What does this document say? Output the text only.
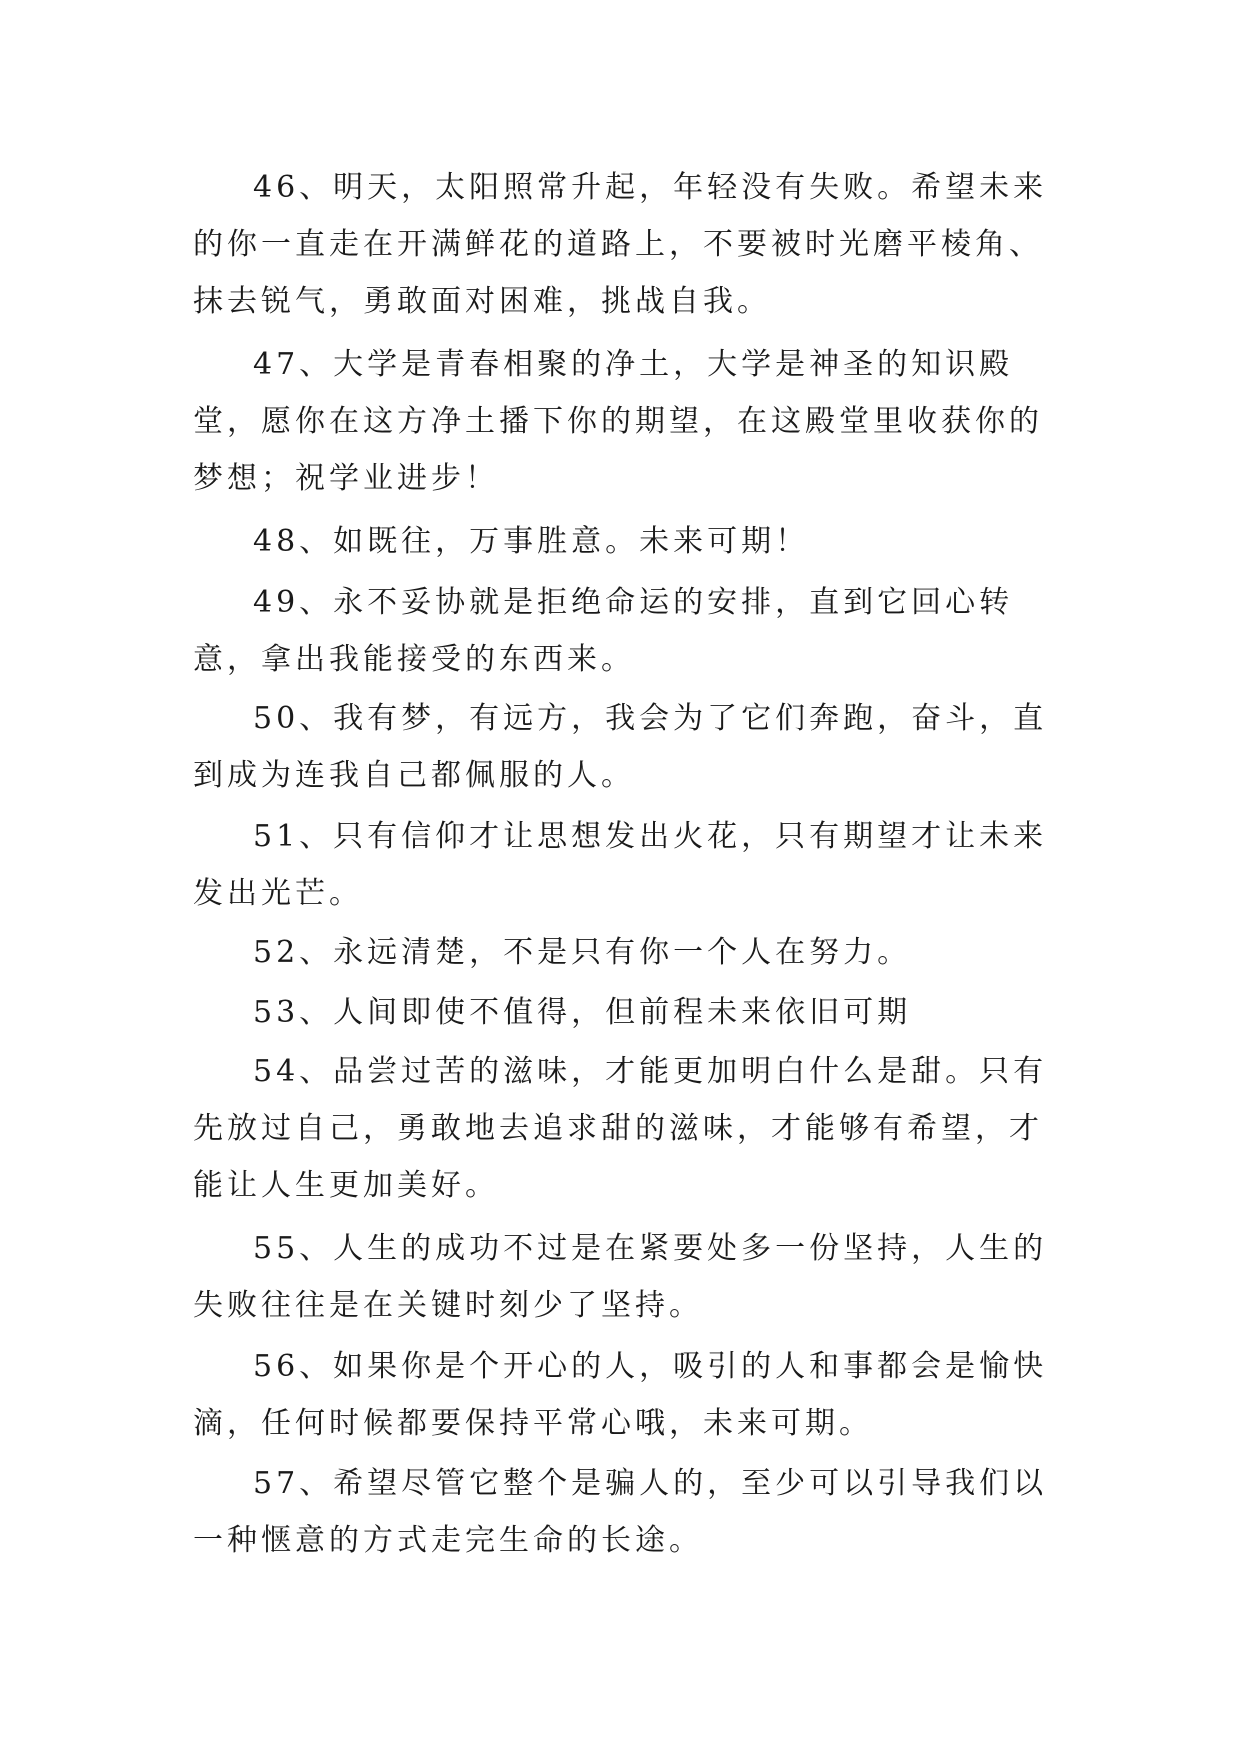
46、明天，太阳照常升起，年轻没有失败。希望未来的你一直走在开满鲜花的道路上，不要被时光磨平棱角、抹去锐气，勇敢面对困难，挑战自我。

47、大学是青春相聚的净土，大学是神圣的知识殿堂，愿你在这方净土播下你的期望，在这殿堂里收获你的梦想；祝学业进步！

48、如既往，万事胜意。未来可期！

49、永不妥协就是拒绝命运的安排，直到它回心转意，拿出我能接受的东西来。

50、我有梦，有远方，我会为了它们奔跑，奋斗，直到成为连我自己都佩服的人。

51、只有信仰才让思想发出火花，只有期望才让未来发出光芒。

52、永远清楚，不是只有你一个人在努力。

53、人间即使不值得，但前程未来依旧可期

54、品尝过苦的滋味，才能更加明白什么是甜。只有先放过自己，勇敢地去追求甜的滋味，才能够有希望，才能让人生更加美好。

55、人生的成功不过是在紧要处多一份坚持，人生的失败往往是在关键时刻少了坚持。

56、如果你是个开心的人，吸引的人和事都会是愉快滴，任何时候都要保持平常心哦，未来可期。

57、希望尽管它整个是骗人的，至少可以引导我们以一种惬意的方式走完生命的长途。
